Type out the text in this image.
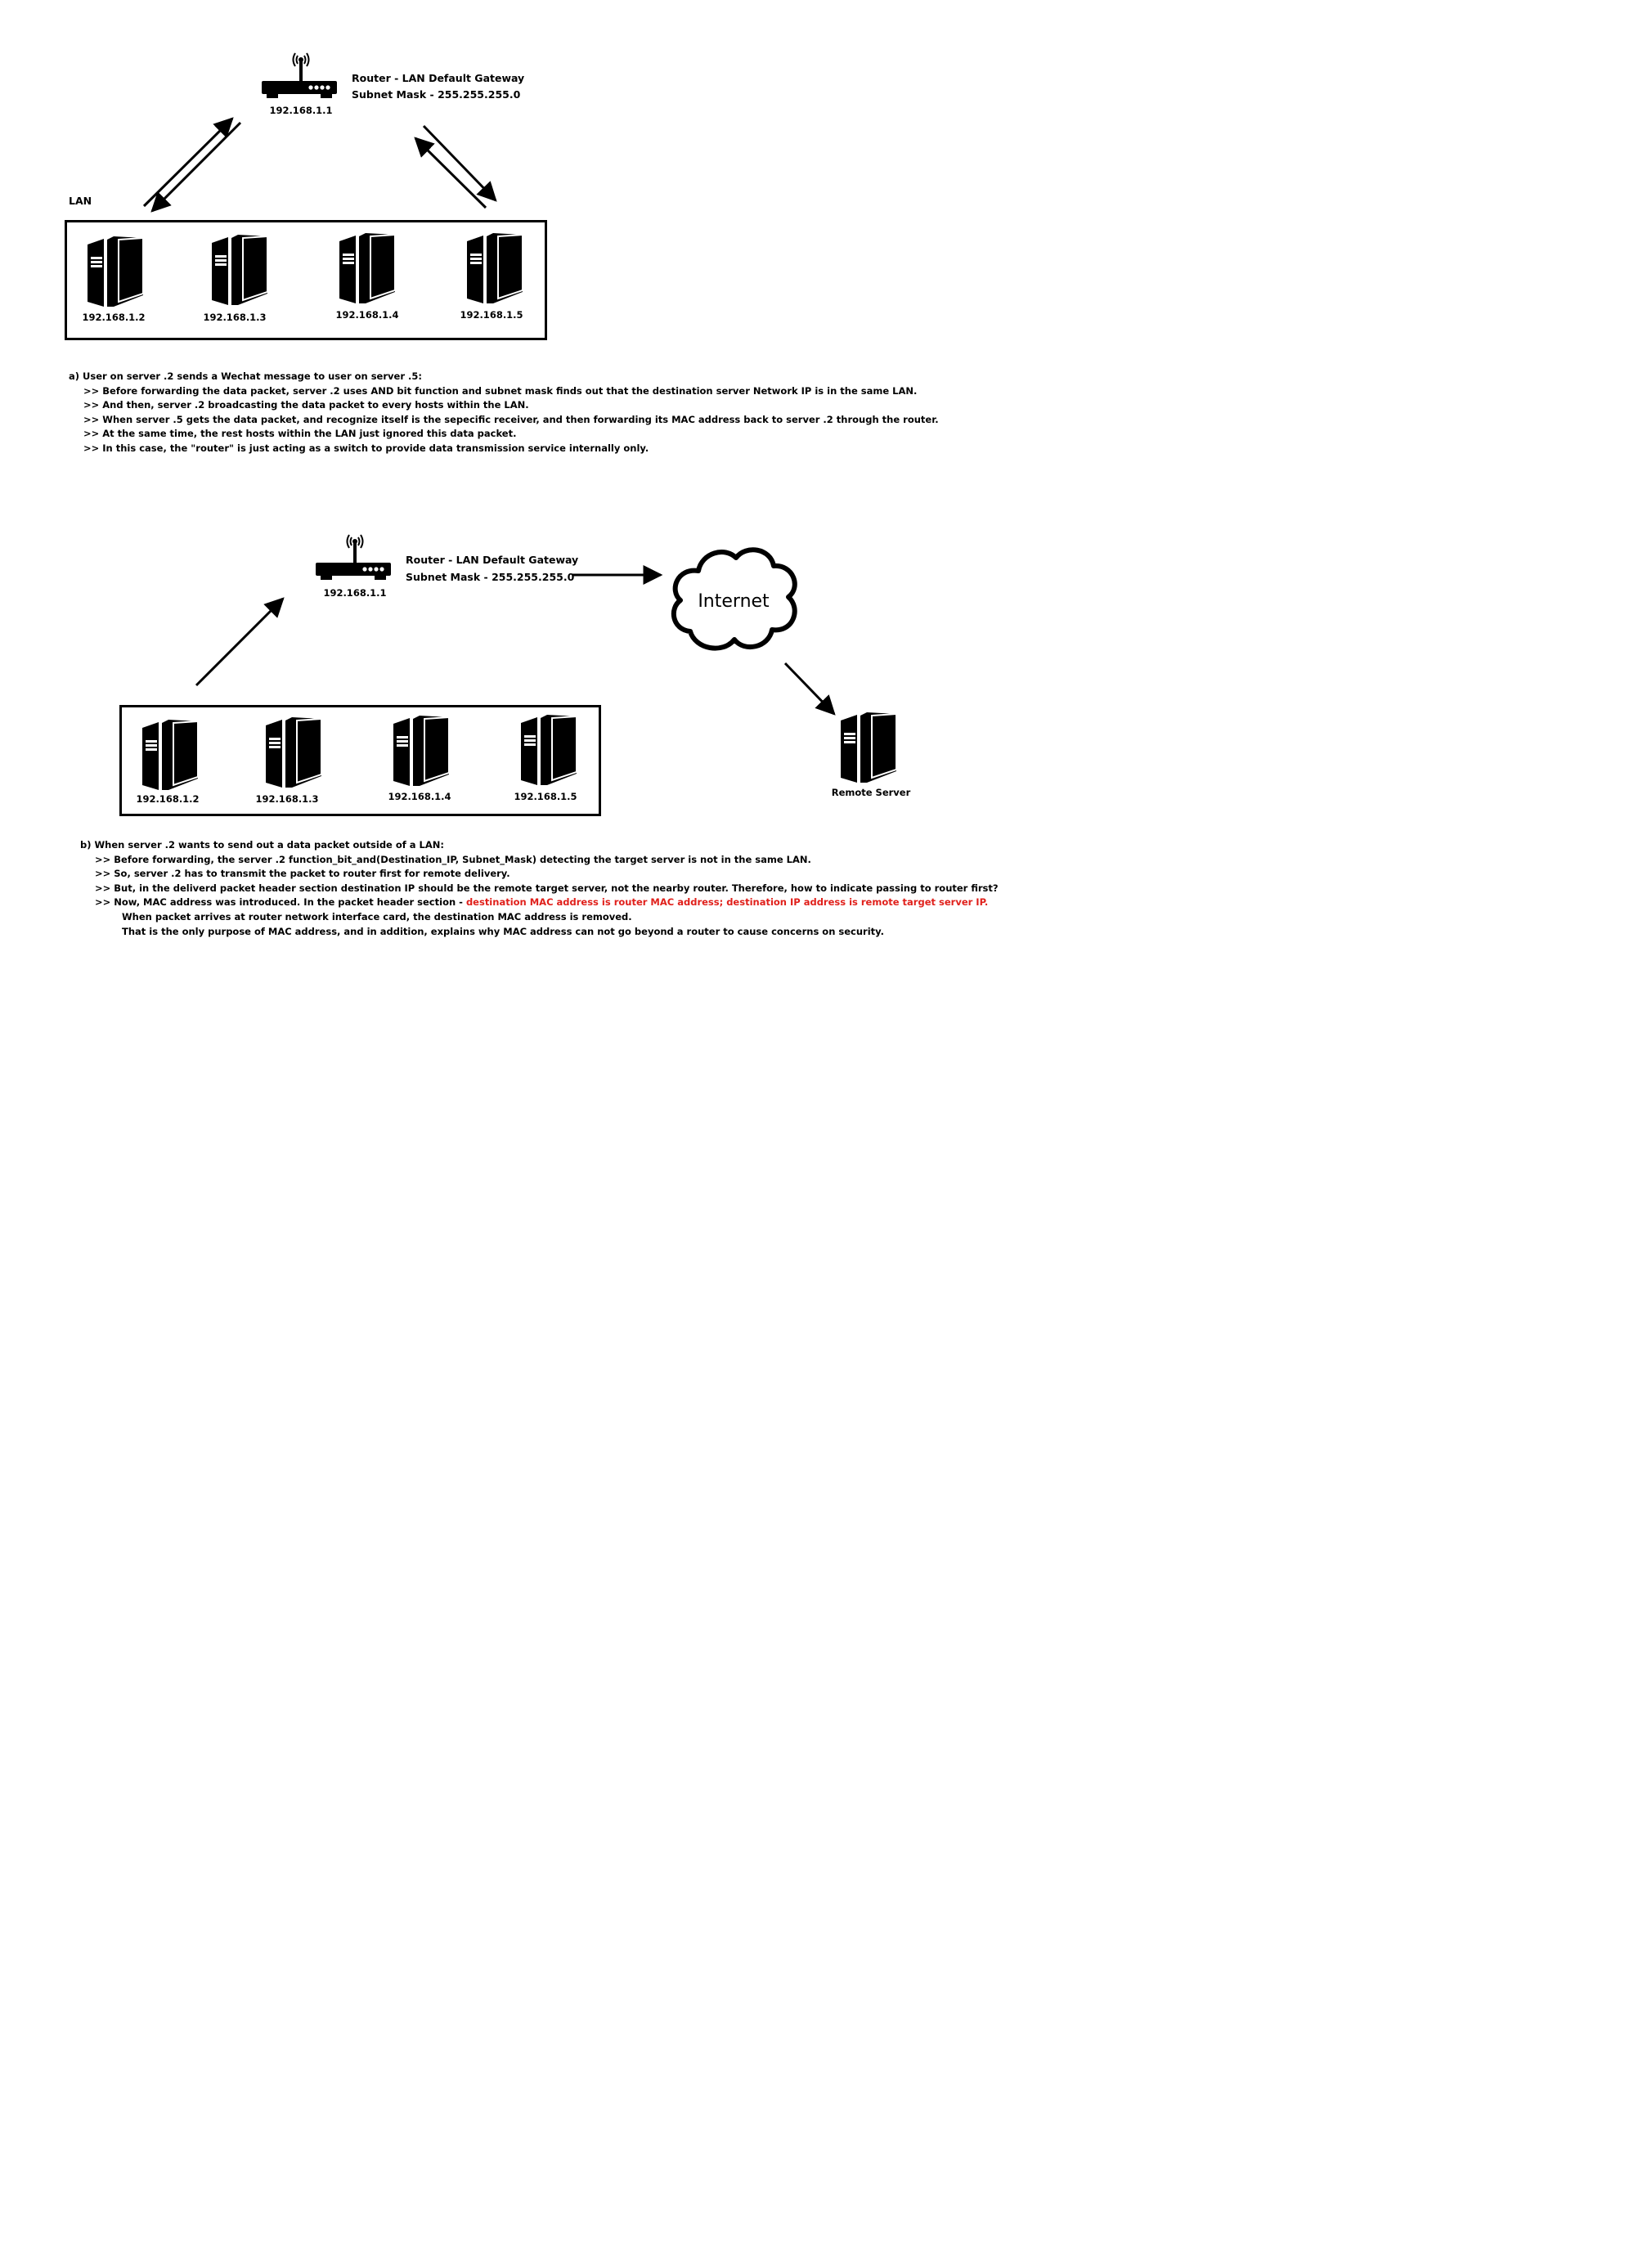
192.168.1.1
Router - LAN Default Gateway
Subnet Mask - 255.255.255.0
LAN
192.168.1.2	192.168.1.3	192.168.1.4	192.168.1.5
a) User on server .2 sends a Wechat message to user on server .5:
>> Before forwarding the data packet, server .2 uses AND bit function and subnet mask finds out that the destination server Network IP is in the same LAN.
>> And then, server .2 broadcasting the data packet to every hosts within the LAN.
>> When server .5 gets the data packet, and recognize itself is the sepecific receiver, and then forwarding its MAC address back to server .2 through the router.
>> At the same time, the rest hosts within the LAN just ignored this data packet.
>> In this case, the "router" is just acting as a switch to provide data transmission service internally only.
192.168.1.1
Router - LAN Default Gateway
Subnet Mask - 255.255.255.0
Internet
Remote Server
192.168.1.2	192.168.1.3	192.168.1.4	192.168.1.5
b) When server .2 wants to send out a data packet outside of a LAN:
>> Before forwarding, the server .2 function_bit_and(Destination_IP, Subnet_Mask) detecting the target server is not in the same LAN.
>> So, server .2 has to transmit the packet to router first for remote delivery.
>> But, in the deliverd packet header section destination IP should be the remote target server, not the nearby router. Therefore, how to indicate passing to router first?
>> Now, MAC address was introduced. In the packet header section - destination MAC address is router MAC address; destination IP address is remote target server IP.
When packet arrives at router network interface card, the destination MAC address is removed.
That is the only purpose of MAC address, and in addition, explains why MAC address can not go beyond a router to cause concerns on security.
